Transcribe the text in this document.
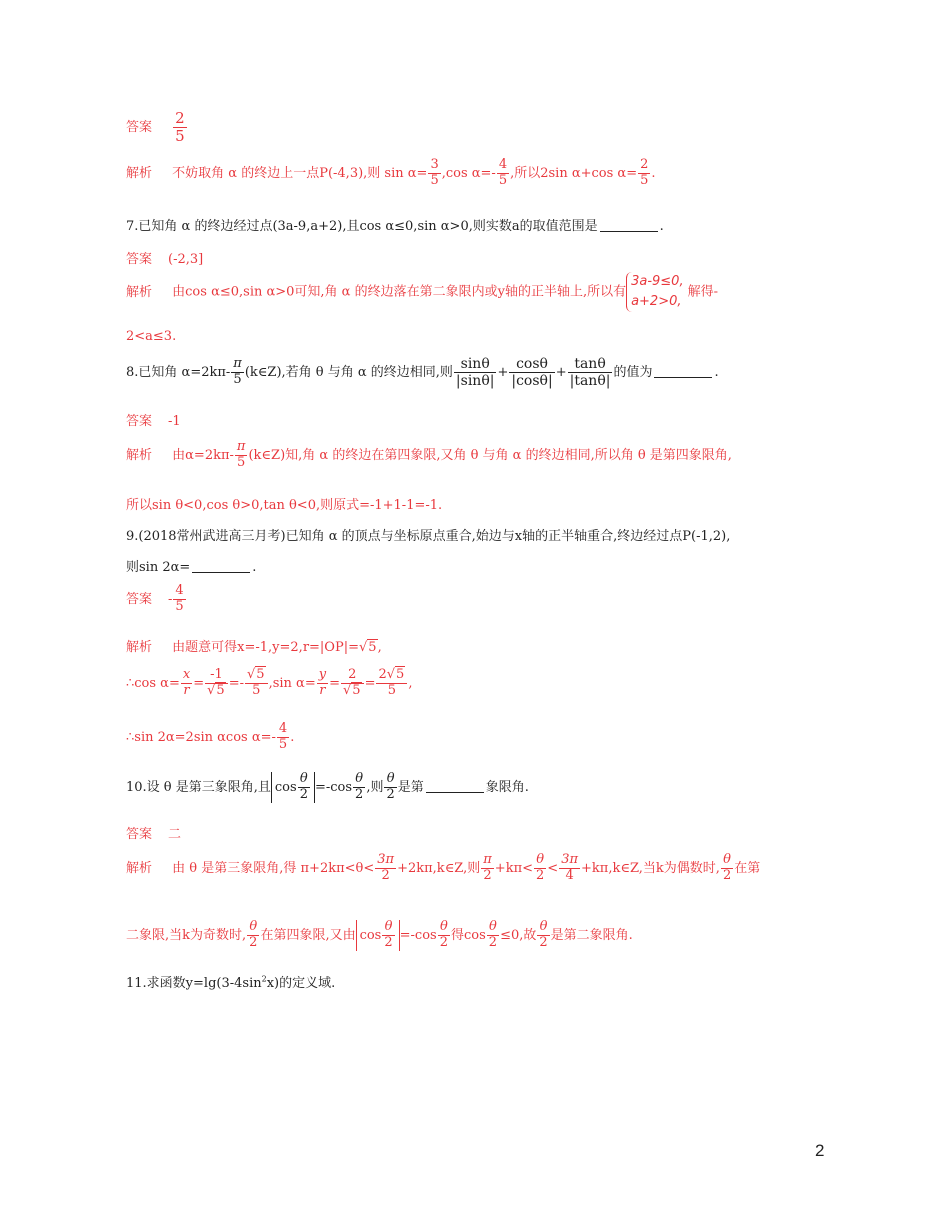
答案 $\frac{2}{5}$
解析 不妨取角 α 的终边上一点P(-4,3),则 $\sin \alpha= \frac{3}{5} ,\cos$ $\alpha=- \frac{4}{5}$ ,所以2sin α+cos $\alpha= \frac{2}{5}$ .
7.已知角 α 的终边经过点(3a-9,a+2),且cos α≤0,sin α>0,则实数a的取值范围是	.
答案 (-2,3]
解析 由cos α≤0,sin α>0可知,角 α 的终边落在第二象限内或y轴的正半轴上,所以有
3a-9≤0,
a+2>0,
解得-
2<a≤3.
8.已知角 $\alpha=2k\pi- \frac{\pi}{5}$ (k∈Z),若角 θ 与角 α 的终边相同,则 $\frac{\sin\theta}{|\sin\theta|} + \frac{\cos\theta}{|\cos\theta|} + \frac{\tan\theta}{|\tan\theta|}$ 的值为	.
答案 -1
解析 由$\alpha=2k\pi- \frac{\pi}{5}$ (k∈Z)知,角 α 的终边在第四象限,又角 θ 与角 α 的终边相同,所以角 θ 是第四象限角,
所以sin θ<0,cos θ>0,tan θ<0,则原式=-1+1-1=-1.
9.(2018常州武进高三月考)已知角 α 的顶点与坐标原点重合,始边与x轴的正半轴重合,终边经过点P(-1,2),
则sin 2α=	.
答案 - $\frac{4}{5}$
解析 由题意可得x=-1,y=2,r=|OP|=√5,
∴cos $\alpha= \frac{x}{r} = \frac{-1}{√5} =- \frac{√5}{5} ,\sin$ $\alpha= \frac{y}{r} = \frac{2}{√5} = \frac{2√5}{5}$ ,
∴sin 2α=2sin αcos $\alpha=- \frac{4}{5}$ .
10.设 θ 是第三象限角,且 $\cos \frac{\theta}{2} =-\cos \frac{\theta}{2}$ ,则 $\frac{\theta}{2}$ 是第	象限角.
答案 二
解析 由 θ 是第三象限角,得 $\pi+2k\pi<\theta< \frac{3\pi}{2}$ +2kπ,k∈Z,则 $\frac{\pi}{2} +k\pi< \frac{\theta}{2} < \frac{3\pi}{4}$ +kπ,k∈Z,当k为偶数时, $\frac{\theta}{2}$ 在第
二象限,当k为奇数时, $\frac{\theta}{2}$ 在第四象限,又由 $\cos \frac{\theta}{2} =-\cos \frac{\theta}{2}$ 得$\cos \frac{\theta}{2} \le 0$,故 $\frac{\theta}{2}$ 是第二象限角.
11.求函数$y=\lg(3-4\sin^2x)$的定义域.
2
